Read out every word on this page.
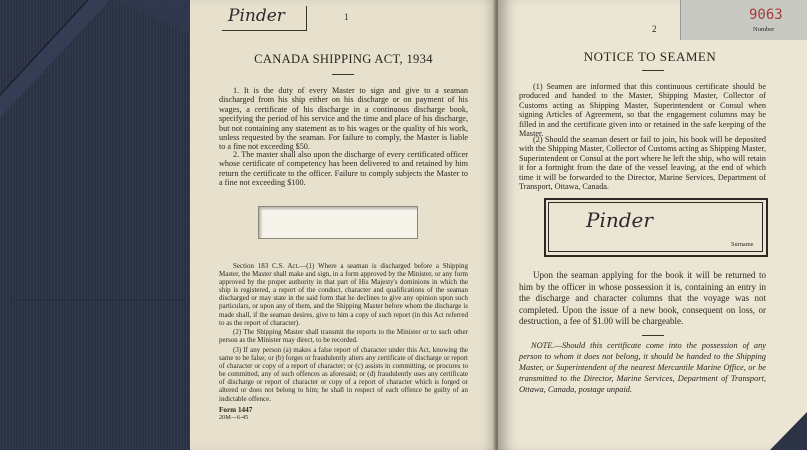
Pinder	1
CANADA SHIPPING ACT, 1934
1. It is the duty of every Master to sign and give to a seaman discharged from his ship either on his discharge or on payment of his wages, a certificate of his discharge in a continuous discharge book, specifying the period of his service and the time and place of his discharge, but not containing any statement as to his wages or the quality of his work, unless requested by the seaman. For failure to comply, the Master is liable to a fine not exceeding $50.
2. The master shall also upon the discharge of every certificated officer whose certificate of competency has been delivered to and retained by him return the certificate to the officer. Failure to comply subjects the Master to a fine not exceeding $100.
Section 183 C.S. Act.—(1) Where a seaman is discharged before a Shipping Master, the Master shall make and sign, in a form approved by the Minister, or any form approved by the proper authority in that part of His Majesty's dominions in which the ship is registered, a report of the conduct, character and qualifications of the seaman discharged or may state in the said form that he declines to give any opinion upon such particulars, or upon any of them, and the Shipping Master before whom the discharge is made shall, if the seaman desires, give to him a copy of such report (in this Act referred to as the report of character).
(2) The Shipping Master shall transmit the reports to the Minister or to such other person as the Minister may direct, to be recorded.
(3) If any person (a) makes a false report of character under this Act, knowing the same to be false; or (b) forges or fraudulently alters any certificate of discharge or report of character or copy of a report of character; or (c) assists in committing, or procures to be committed, any of such offences as aforesaid; or (d) fraudulently uses any certificate of discharge or report of character or copy of a report of character which is forged or altered or does not belong to him; he shall in respect of each offence be guilty of an indictable offence.
Form 1447
20M—6-45
9063
Number
2
NOTICE TO SEAMEN
(1) Seamen are informed that this continuous certificate should be produced and handed to the Master, Shipping Master, Collector of Customs acting as Shipping Master, Superintendent or Consul when signing Articles of Agreement, so that the engagement columns may be filled in and the certificate given into or retained in the safe keeping of the Master.
(2) Should the seaman desert or fail to join, his book will be deposited with the Shipping Master, Collector of Customs acting as Shipping Master, Superintendent or Consul at the port where he left the ship, who will retain it for a fortnight from the date of the vessel leaving, at the end of which time it will be forwarded to the Director, Marine Services, Department of Transport, Ottawa, Canada.
Pinder
Surname
Upon the seaman applying for the book it will be returned to him by the officer in whose possession it is, containing an entry in the discharge and character columns that the voyage was not completed. Upon the issue of a new book, consequent on loss, or destruction, a fee of $1.00 will be chargeable.
NOTE.—Should this certificate come into the possession of any person to whom it does not belong, it should be handed to the Shipping Master, or Superintendent of the nearest Mercantile Marine Office, or be transmitted to the Director, Marine Services, Department of Transport, Ottawa, Canada, postage unpaid.
